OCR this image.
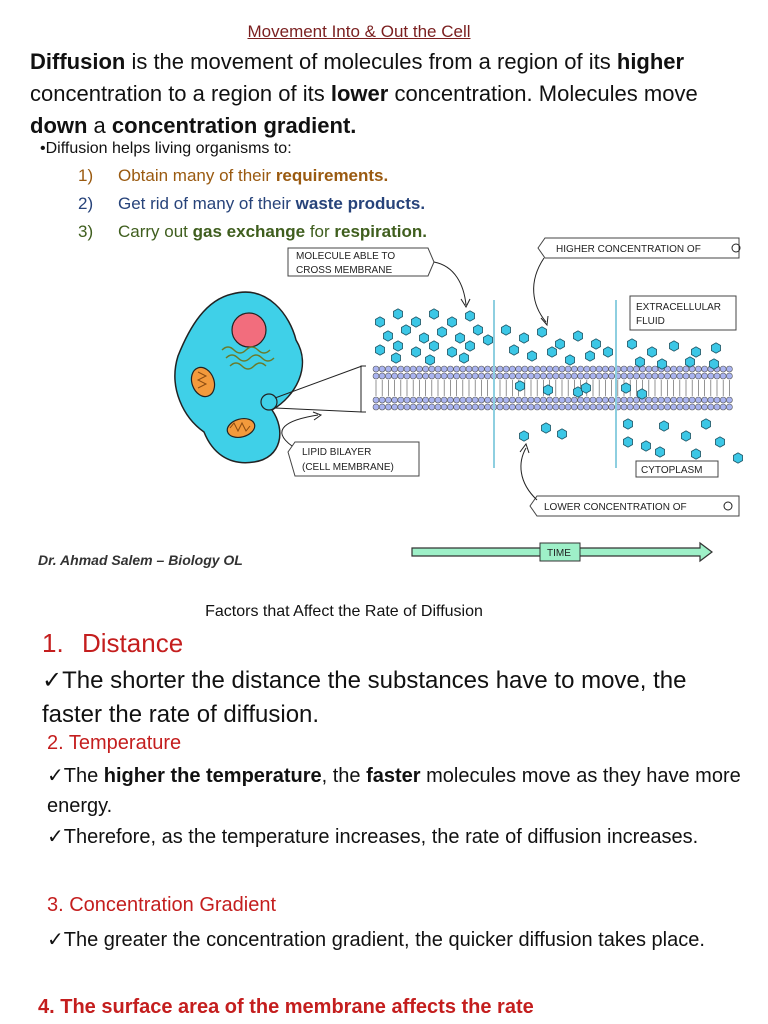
Movement Into & Out the Cell
Diffusion is the movement of molecules from a region of its higher concentration to a region of its lower concentration. Molecules move down a concentration gradient.
•Diffusion helps living organisms to:
1) Obtain many of their requirements.
2) Get rid of many of their waste products.
3) Carry out gas exchange for respiration.
MOLECULE ABLE TO
CROSS MEMBRANE
HIGHER CONCENTRATION OF
EXTRACELLULAR
FLUID
LIPID BILAYER
(CELL MEMBRANE)	CYTOPLASM
LOWER CONCENTRATION OF
TIME
Dr. Ahmad Salem – Biology OL
Factors that Affect the Rate of Diffusion
1. Distance
✓The shorter the distance the substances have to move, the faster the rate of diffusion.
2. Temperature
✓The higher the temperature, the faster molecules move as they have more energy.
✓Therefore, as the temperature increases, the rate of diffusion increases.
3. Concentration Gradient
✓The greater the concentration gradient, the quicker diffusion takes place.
4. The surface area of the membrane affects the rate
